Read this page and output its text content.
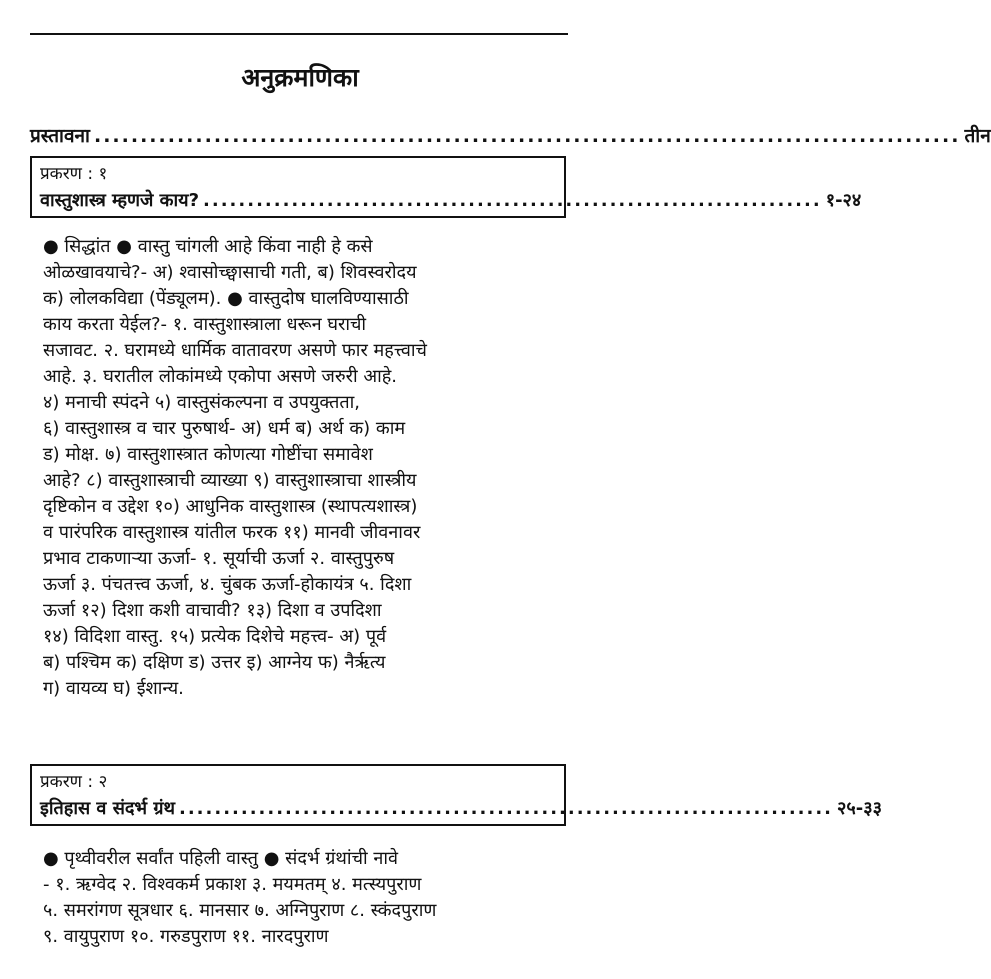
अनुक्रमणिका
प्रस्तावना .............................................................................................. तीन
प्रकरण : १
वास्तुशास्त्र म्हणजे काय? ...................................................................... १-२४

● सिद्धांत ● वास्तु चांगली आहे किंवा नाही हे कसे
ओळखावयाचे?- अ) श्वासोच्छ्वासाची गती, ब) शिवस्वरोदय
क) लोलकविद्या (पेंड्यूलम). ● वास्तुदोष घालविण्यासाठी
काय करता येईल?- १. वास्तुशास्त्राला धरून घराची
सजावट. २. घरामध्ये धार्मिक वातावरण असणे फार महत्त्वाचे
आहे. ३. घरातील लोकांमध्ये एकोपा असणे जरुरी आहे.
४) मनाची स्पंदने ५) वास्तुसंकल्पना व उपयुक्तता,
६) वास्तुशास्त्र व चार पुरुषार्थ- अ) धर्म ब) अर्थ क) काम
ड) मोक्ष. ७) वास्तुशास्त्रात कोणत्या गोष्टींचा समावेश
आहे? ८) वास्तुशास्त्राची व्याख्या ९) वास्तुशास्त्राचा शास्त्रीय
दृष्टिकोन व उद्देश १०) आधुनिक वास्तुशास्त्र (स्थापत्यशास्त्र)
व पारंपरिक वास्तुशास्त्र यांतील फरक ११) मानवी जीवनावर
प्रभाव टाकणाऱ्या ऊर्जा- १. सूर्याची ऊर्जा २. वास्तुपुरुष
ऊर्जा ३. पंचतत्त्व ऊर्जा, ४. चुंबक ऊर्जा-होकायंत्र ५. दिशा
ऊर्जा १२) दिशा कशी वाचावी? १३) दिशा व उपदिशा
१४) विदिशा वास्तु. १५) प्रत्येक दिशेचे महत्त्व- अ) पूर्व
ब) पश्चिम क) दक्षिण ड) उत्तर इ) आग्नेय फ) नैर्ऋत्य
ग) वायव्य घ) ईशान्य.

प्रकरण : २
इतिहास व संदर्भ ग्रंथ .......................................................................... २५-३३

● पृथ्वीवरील सर्वांत पहिली वास्तु ● संदर्भ ग्रंथांची नावे
- १. ऋग्वेद २. विश्वकर्म प्रकाश ३. मयमतम् ४. मत्स्यपुराण
५. समरांगण सूत्रधार ६. मानसार ७. अग्निपुराण ८. स्कंदपुराण
९. वायुपुराण १०. गरुडपुराण ११. नारदपुराण
